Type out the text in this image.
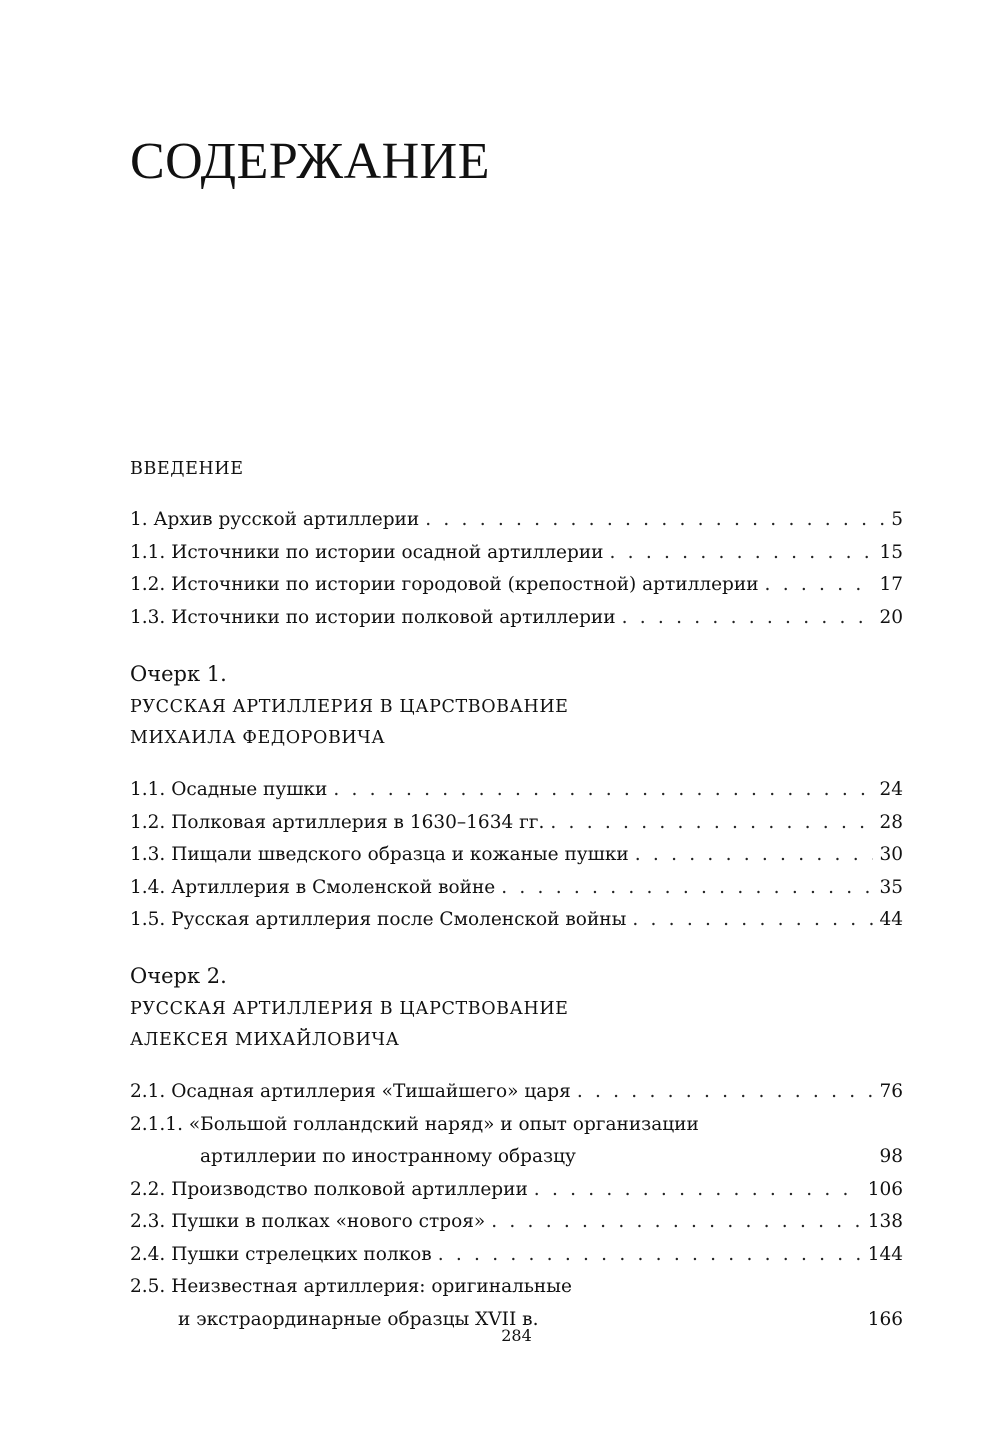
СОДЕРЖАНИЕ
ВВЕДЕНИЕ
1. Архив русской артиллерии . . .	5
1.1. Источники по истории осадной артиллерии . . .	15
1.2. Источники по истории городовой (крепостной) артиллерии . . .	17
1.3. Источники по истории полковой артиллерии . . .	20
Очерк 1.
РУССКАЯ АРТИЛЛЕРИЯ В ЦАРСТВОВАНИЕ
МИХАИЛА ФЕДОРОВИЧА
1.1. Осадные пушки . . .	24
1.2. Полковая артиллерия в 1630–1634 гг. . . .	28
1.3. Пищали шведского образца и кожаные пушки . . .	30
1.4. Артиллерия в Смоленской войне . . .	35
1.5. Русская артиллерия после Смоленской войны . . .	44
Очерк 2.
РУССКАЯ АРТИЛЛЕРИЯ В ЦАРСТВОВАНИЕ
АЛЕКСЕЯ МИХАЙЛОВИЧА
2.1. Осадная артиллерия «Тишайшего» царя . . .	76
2.1.1. «Большой голландский наряд» и опыт организации
артиллерии по иностранному образцу	98
2.2. Производство полковой артиллерии . . .	106
2.3. Пушки в полках «нового строя» . . .	138
2.4. Пушки стрелецких полков . . .	144
2.5. Неизвестная артиллерия: оригинальные
и экстраординарные образцы XVII в.	166
284
